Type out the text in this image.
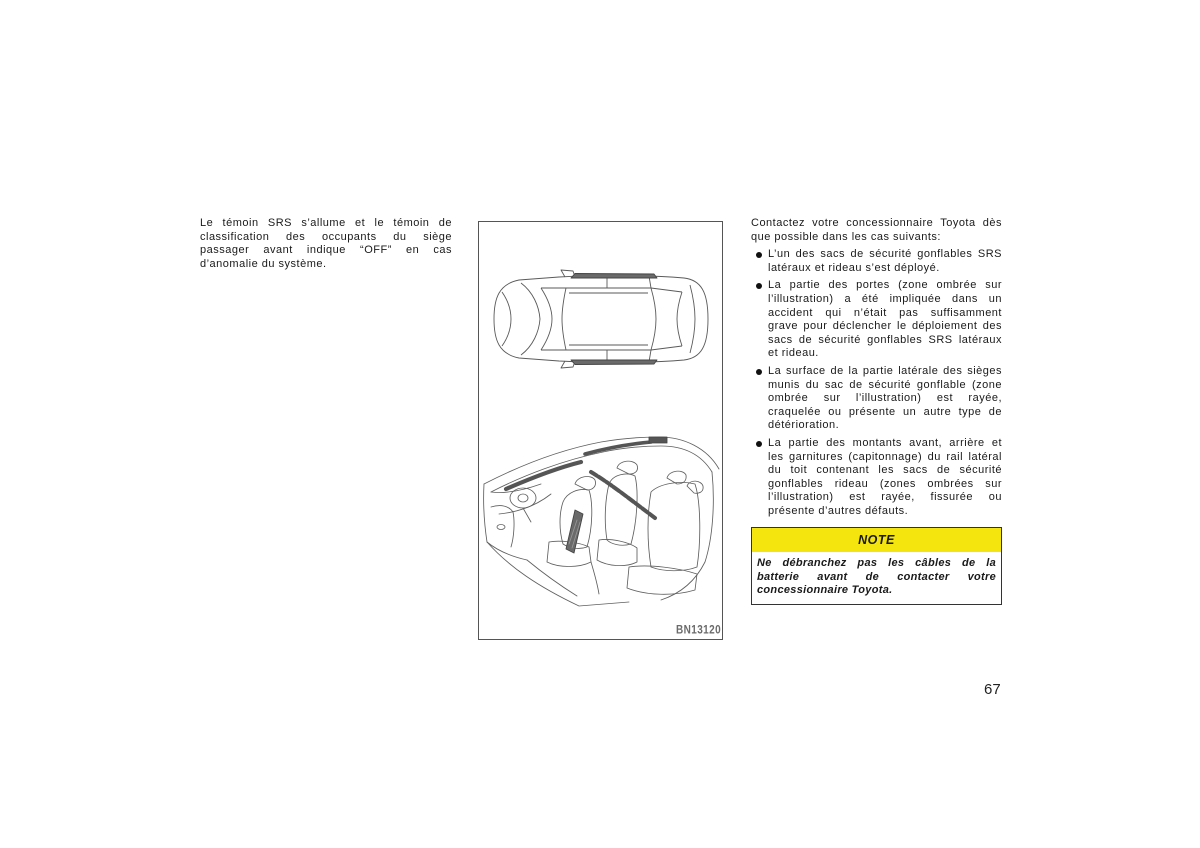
Le témoin SRS s’allume et le témoin de
classification des occupants du siège
passager avant indique “OFF” en cas
d’anomalie du système.
BN13120
Contactez votre concessionnaire Toyota dès
que possible dans les cas suivants:
L’un des sacs de sécurité gonflables SRS
latéraux et rideau s’est déployé.
La partie des portes (zone ombrée sur
l’illustration) a été impliquée dans un
accident qui n’était pas suffisamment
grave pour déclencher le déploiement des
sacs de sécurité gonflables SRS latéraux
et rideau.
La surface de la partie latérale des sièges
munis du sac de sécurité gonflable (zone
ombrée sur l’illustration) est rayée,
craquelée ou présente un autre type de
détérioration.
La partie des montants avant, arrière et
les garnitures (capitonnage) du rail latéral
du toit contenant les sacs de sécurité
gonflables rideau (zones ombrées sur
l’illustration) est rayée, fissurée ou
présente d’autres défauts.
NOTE
Ne débranchez pas les câbles de la
batterie avant de contacter votre
concessionnaire Toyota.
67
